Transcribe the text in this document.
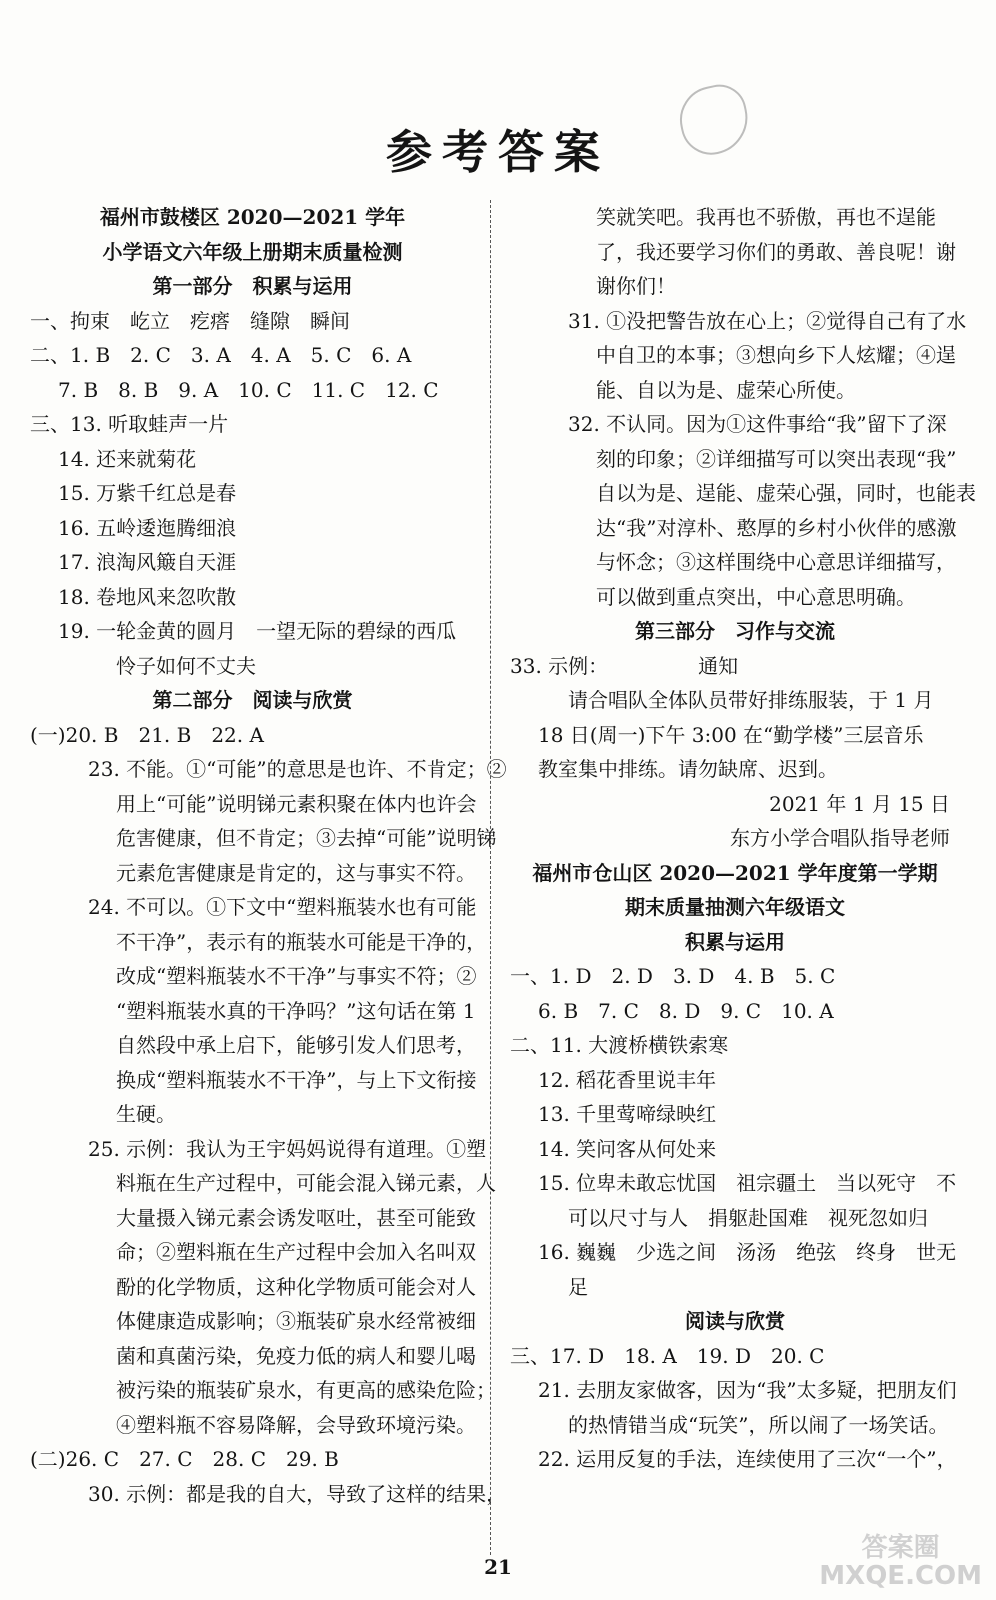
参考答案
福州市鼓楼区 2020—2021 学年
小学语文六年级上册期末质量检测
第一部分　积累与运用
一、拘束　屹立　疙瘩　缝隙　瞬间
二、1. B　2. C　3. A　4. A　5. C　6. A
7. B　8. B　9. A　10. C　11. C　12. C
三、13. 听取蛙声一片
14. 还来就菊花
15. 万紫千红总是春
16. 五岭逶迤腾细浪
17. 浪淘风簸自天涯
18. 卷地风来忽吹散
19. 一轮金黄的圆月　一望无际的碧绿的西瓜
怜子如何不丈夫
第二部分　阅读与欣赏
(一)20. B　21. B　22. A
23. 不能。①“可能”的意思是也许、不肯定；②
用上“可能”说明锑元素积聚在体内也许会
危害健康，但不肯定；③去掉“可能”说明锑
元素危害健康是肯定的，这与事实不符。
24. 不可以。①下文中“塑料瓶装水也有可能
不干净”，表示有的瓶装水可能是干净的，
改成“塑料瓶装水不干净”与事实不符；②
“塑料瓶装水真的干净吗？”这句话在第 1
自然段中承上启下，能够引发人们思考，
换成“塑料瓶装水不干净”，与上下文衔接
生硬。
25. 示例：我认为王宇妈妈说得有道理。①塑
料瓶在生产过程中，可能会混入锑元素，人
大量摄入锑元素会诱发呕吐，甚至可能致
命；②塑料瓶在生产过程中会加入名叫双
酚的化学物质，这种化学物质可能会对人
体健康造成影响；③瓶装矿泉水经常被细
菌和真菌污染，免疫力低的病人和婴儿喝
被污染的瓶装矿泉水，有更高的感染危险；
④塑料瓶不容易降解，会导致环境污染。
(二)26. C　27. C　28. C　29. B
30. 示例：都是我的自大，导致了这样的结果，
笑就笑吧。我再也不骄傲，再也不逞能
了，我还要学习你们的勇敢、善良呢！谢
谢你们！
31. ①没把警告放在心上；②觉得自己有了水
中自卫的本事；③想向乡下人炫耀；④逞
能、自以为是、虚荣心所使。
32. 不认同。因为①这件事给“我”留下了深
刻的印象；②详细描写可以突出表现“我”
自以为是、逞能、虚荣心强，同时，也能表
达“我”对淳朴、憨厚的乡村小伙伴的感激
与怀念；③这样围绕中心意思详细描写，
可以做到重点突出，中心意思明确。
第三部分　习作与交流
33. 示例：　　　　　通知
请合唱队全体队员带好排练服装，于 1 月
18 日(周一)下午 3:00 在“勤学楼”三层音乐
教室集中排练。请勿缺席、迟到。
2021 年 1 月 15 日
东方小学合唱队指导老师
福州市仓山区 2020—2021 学年度第一学期
期末质量抽测六年级语文
积累与运用
一、1. D　2. D　3. D　4. B　5. C
6. B　7. C　8. D　9. C　10. A
二、11. 大渡桥横铁索寒
12. 稻花香里说丰年
13. 千里莺啼绿映红
14. 笑问客从何处来
15. 位卑未敢忘忧国　祖宗疆土　当以死守　不
可以尺寸与人　捐躯赴国难　视死忽如归
16. 巍巍　少选之间　汤汤　绝弦　终身　世无
足
阅读与欣赏
三、17. D　18. A　19. D　20. C
21. 去朋友家做客，因为“我”太多疑，把朋友们
的热情错当成“玩笑”，所以闹了一场笑话。
22. 运用反复的手法，连续使用了三次“一个”，
21
答案圈
MXQE.COM
